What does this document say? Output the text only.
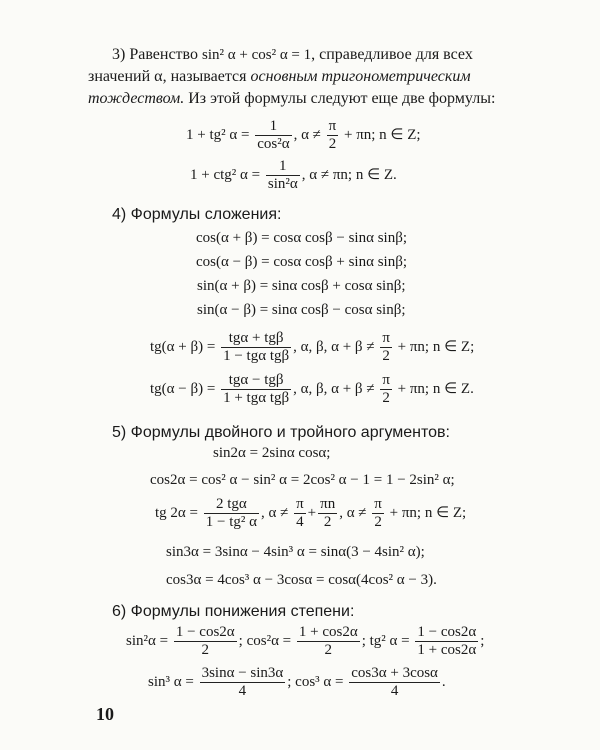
3) Равенство sin² α + cos² α = 1, справедливое для всех
значений α, называется основным тригонометрическим
тождеством. Из этой формулы следуют еще две формулы:
1 + tg² $\alpha = \frac{1}{\text{cos²α}}$ , $\alpha \ne \frac{\pi}{2} + \pi n$; n ∈ Z;
1 + ctg² $\alpha = \frac{1}{\text{sin²α}}$ , α ≠ πn; n ∈ Z.
4) Формулы сложения:
cos(α + β) = cosα cosβ − sinα sinβ;
cos(α − β) = cosα cosβ + sinα sinβ;
sin(α + β) = sinα cosβ + cosα sinβ;
sin(α − β) = sinα cosβ − cosα sinβ;
$tg(\alpha + \beta) = \frac{\text{tgα + tgβ}}{\text{1 − tgα tgβ}}$ , α, β, $\alpha + \beta \ne \frac{\pi}{2} + \pi n$; n ∈ Z;
$tg(\alpha - \beta) = \frac{\text{tgα − tgβ}}{\text{1 + tgα tgβ}}$ , α, β, $\alpha + \beta \ne \frac{\pi}{2} + \pi n$; n ∈ Z.
5) Формулы двойного и тройного аргументов:
sin2α = 2sinα cosα;
cos2α = cos² α − sin² α = 2cos² α − 1 = 1 − 2sin² α;
tg $2\alpha = \frac{\text{2 tgα}}{\text{1 − tg² α}}$ , $\alpha \ne \frac{\pi}{4} + \frac{\pi n}{2}$ , $\alpha \ne \frac{\pi}{2} + \pi n$; n ∈ Z;
sin3α = 3sinα − 4sin³ α = sinα(3 − 4sin² α);
cos3α = 4cos³ α − 3cosα = cosα(4cos² α − 3).
6) Формулы понижения степени:
$\sin^2\alpha = \frac{1 - \cos 2\alpha}{2}$ ; $\cos^2\alpha = \frac{1 + \cos 2\alpha}{2}$ ; tg² $\alpha = \frac{1 - \cos 2\alpha}{1 + \cos 2\alpha}$ ;
sin³ $\alpha = \frac{3\sin\alpha - \sin 3\alpha}{4}$ ; cos³ $\alpha = \frac{\cos 3\alpha + 3\cos\alpha}{4}$ .
10
